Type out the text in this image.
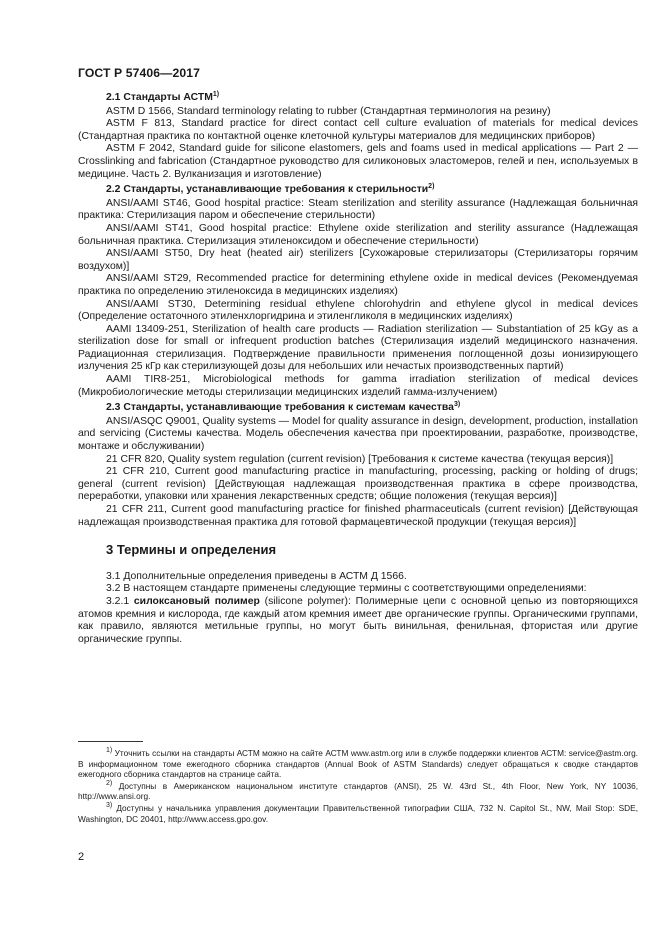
ГОСТ Р 57406—2017

2.1 Стандарты АСТМ$^{1)}$

ASTM D 1566, Standard terminology relating to rubber (Стандартная терминология на резину)

ASTM F 813, Standard practice for direct contact cell culture evaluation of materials for medical devices (Стандартная практика по контактной оценке клеточной культуры материалов для медицинских приборов)

ASTM F 2042, Standard guide for silicone elastomers, gels and foams used in medical applications — Part 2 — Crosslinking and fabrication (Стандартное руководство для силиконовых эластомеров, гелей и пен, используемых в медицине. Часть 2. Вулканизация и изготовление)

2.2 Стандарты, устанавливающие требования к стерильности$^{2)}$

ANSI/AAMI ST46, Good hospital practice: Steam sterilization and sterility assurance (Надлежащая больничная практика: Стерилизация паром и обеспечение стерильности)

ANSI/AAMI ST41, Good hospital practice: Ethylene oxide sterilization and sterility assurance (Надлежащая больничная практика. Стерилизация этиленоксидом и обеспечение стерильности)

ANSI/AAMI ST50, Dry heat (heated air) sterilizers [Сухожаровые стерилизаторы (Стерилизаторы горячим воздухом)]

ANSI/AAMI ST29, Recommended practice for determining ethylene oxide in medical devices (Рекомендуемая практика по определению этиленоксида в медицинских изделиях)

ANSI/AAMI ST30, Determining residual ethylene chlorohydrin and ethylene glycol in medical devices (Определение остаточного этиленхлоргидрина и этиленгликоля в медицинских изделиях)

AAMI 13409-251, Sterilization of health care products — Radiation sterilization — Substantiation of 25 kGy as a sterilization dose for small or infrequent production batches (Стерилизация изделий медицинского назначения. Радиационная стерилизация. Подтверждение правильности применения поглощенной дозы ионизирующего излучения 25 кГр как стерилизующей дозы для небольших или нечастых производственных партий)

AAMI TIR8-251, Microbiological methods for gamma irradiation sterilization of medical devices (Микробиологические методы стерилизации медицинских изделий гамма-излучением)

2.3 Стандарты, устанавливающие требования к системам качества$^{3)}$

ANSI/ASQC Q9001, Quality systems — Model for quality assurance in design, development, production, installation and servicing (Системы качества. Модель обеспечения качества при проектировании, разработке, производстве, монтаже и обслуживании)

21 CFR 820, Quality system regulation (current revision) [Требования к системе качества (текущая версия)]

21 CFR 210, Current good manufacturing practice in manufacturing, processing, packing or holding of drugs; general (current revision) [Действующая надлежащая производственная практика в сфере производства, переработки, упаковки или хранения лекарственных средств; общие положения (текущая версия)]

21 CFR 211, Current good manufacturing practice for finished pharmaceuticals (current revision) [Действующая надлежащая производственная практика для готовой фармацевтической продукции (текущая версия)]

3 Термины и определения

3.1 Дополнительные определения приведены в АСТМ Д 1566.

3.2 В настоящем стандарте применены следующие термины с соответствующими определениями:

3.2.1 силоксановый полимер (silicone polymer): Полимерные цепи с основной цепью из повторяющихся атомов кремния и кислорода, где каждый атом кремния имеет две органические группы. Органическими группами, как правило, являются метильные группы, но могут быть винильная, фенильная, фтористая или другие органические группы.

$^{1)}$ Уточнить ссылки на стандарты АСТМ можно на сайте АСТМ www.astm.org или в службе поддержки клиентов АСТМ: service@astm.org. В информационном томе ежегодного сборника стандартов (Annual Book of ASTM Standards) следует обращаться к сводке стандартов ежегодного сборника стандартов на странице сайта.

$^{2)}$ Доступны в Американском национальном институте стандартов (ANSI), 25 W. 43rd St., 4th Floor, New York, NY 10036, http://www.ansi.org.

$^{3)}$ Доступны у начальника управления документации Правительственной типографии США, 732 N. Capitol St., NW, Mail Stop: SDE, Washington, DC 20401, http://www.access.gpo.gov.

2
